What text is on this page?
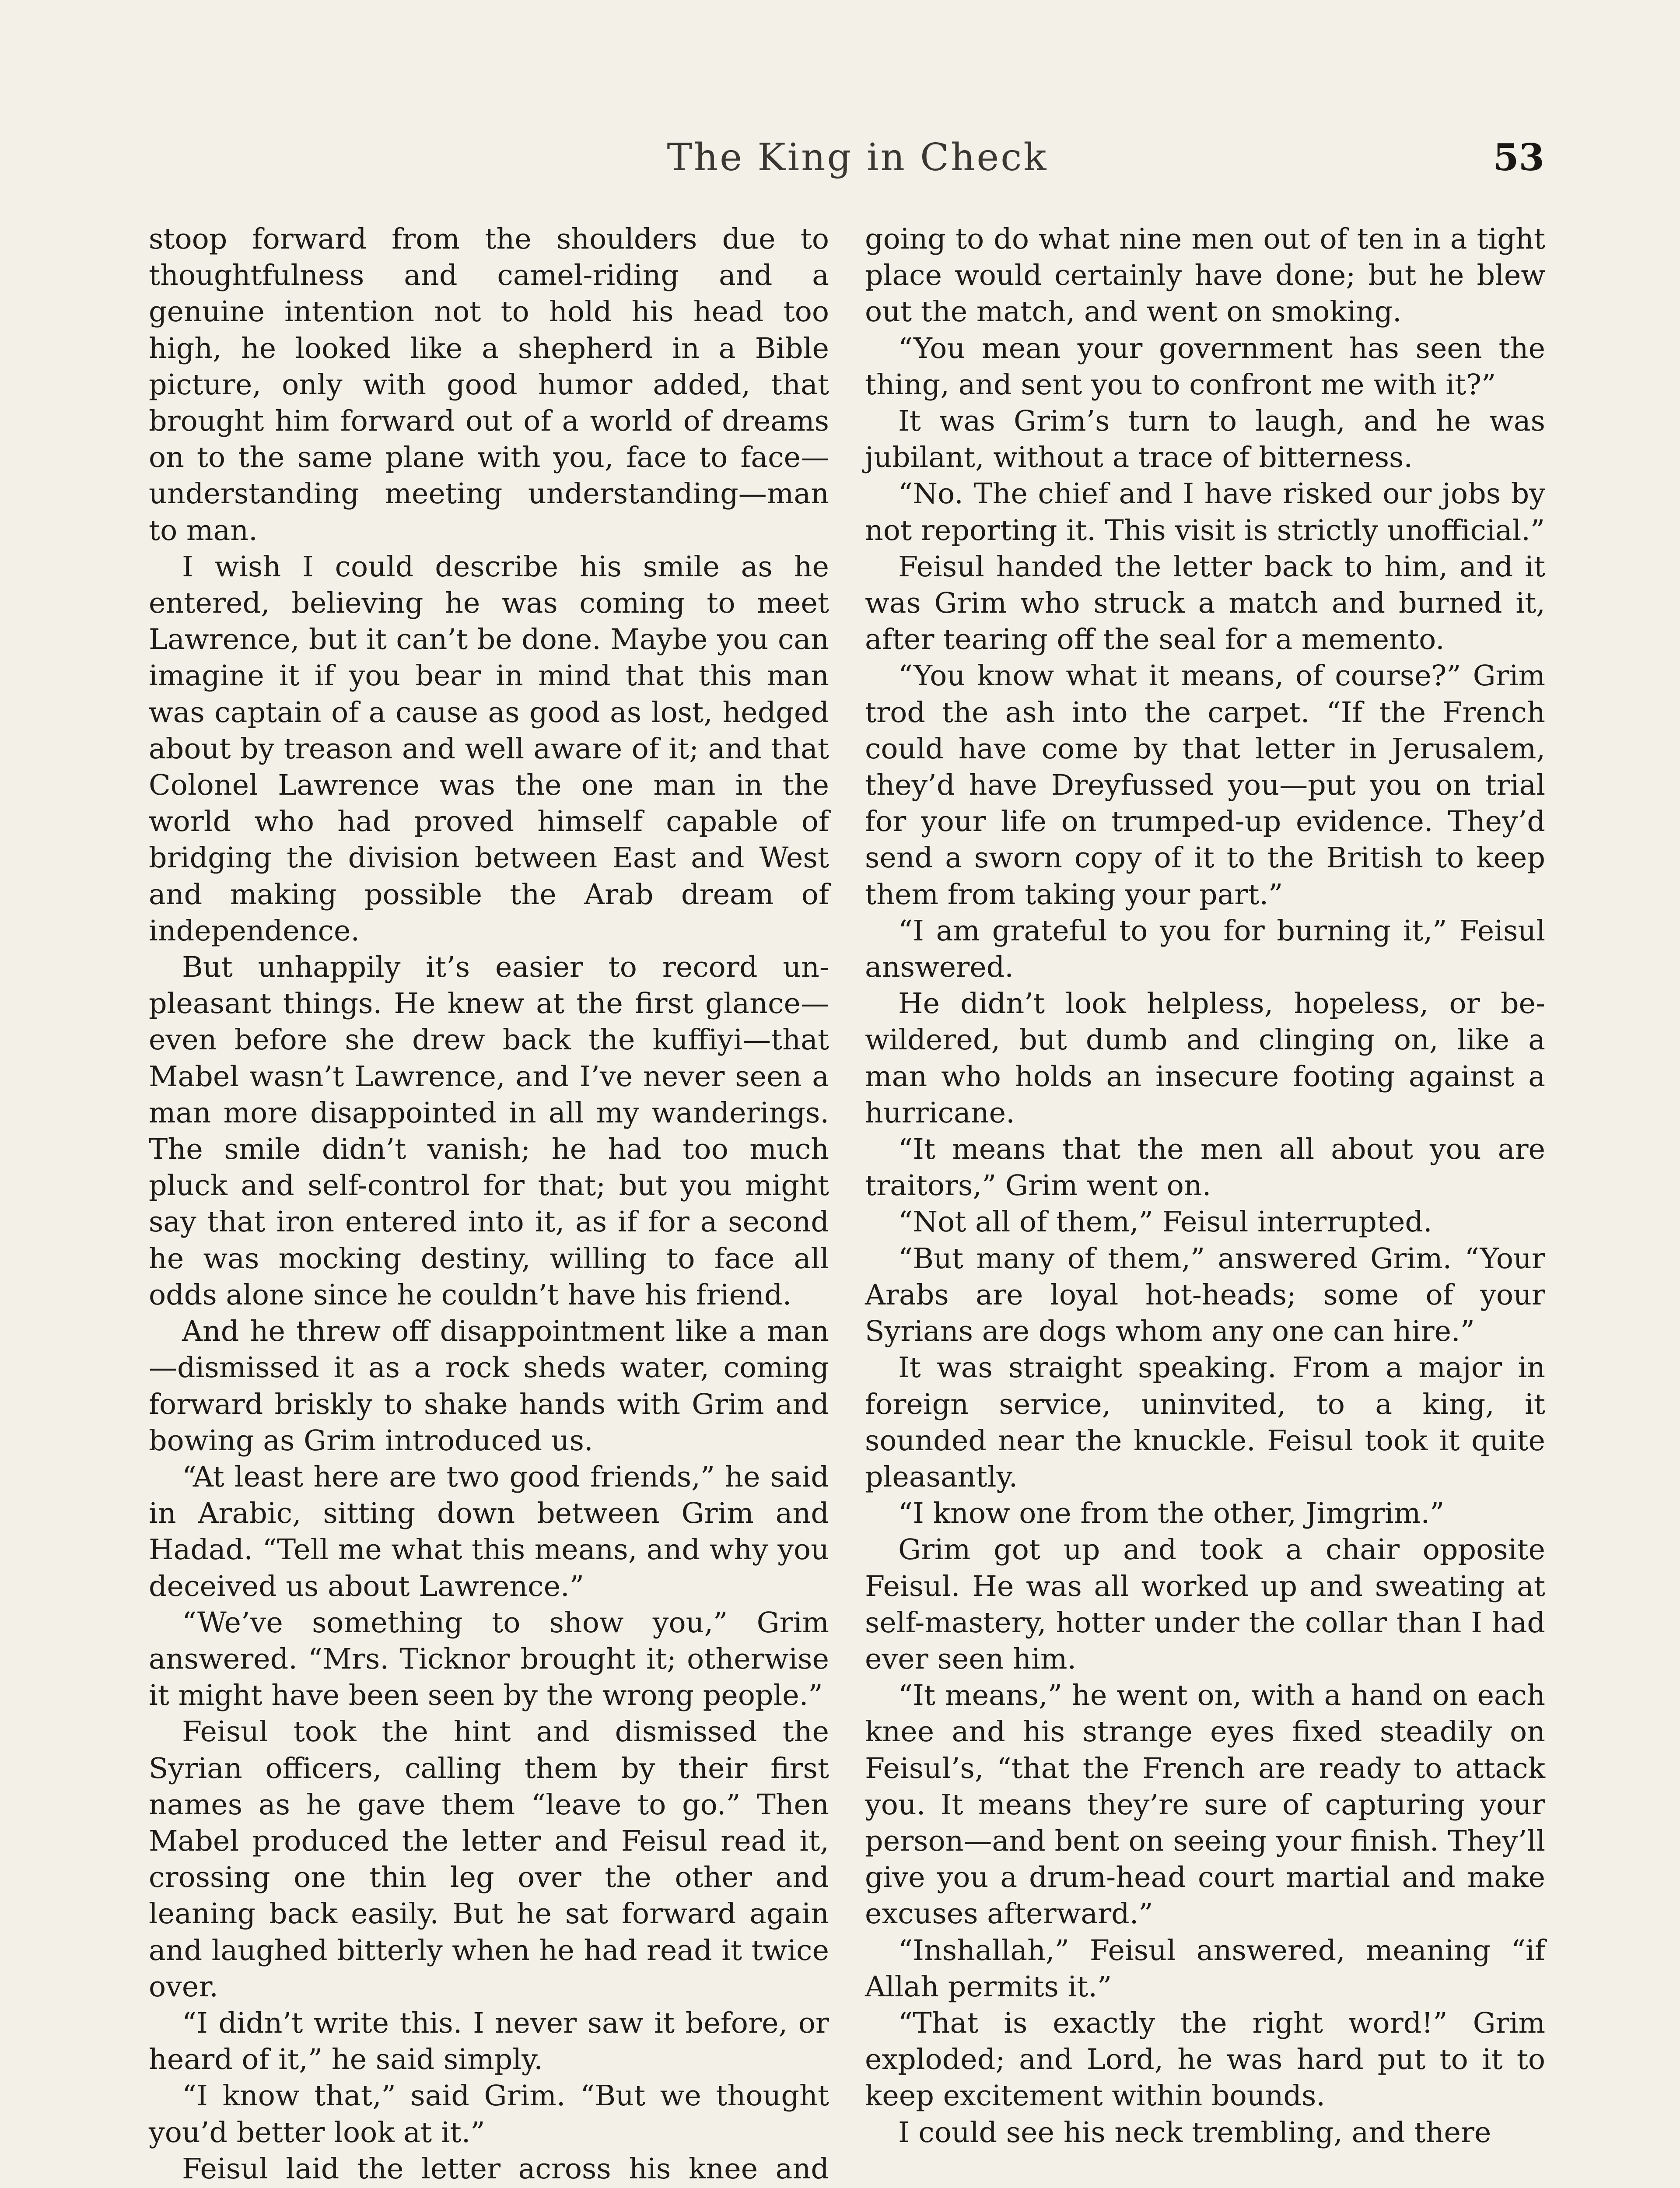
The King in Check	53

stoop forward from the shoulders due to thoughtfulness and camel-riding and a genuine intention not to hold his head too high, he looked like a shepherd in a Bible picture, only with good humor added, that brought him forward out of a world of dreams on to the same plane with you, face to face—understanding meeting understanding—man to man.

I wish I could describe his smile as he entered, believing he was coming to meet Lawrence, but it can’t be done. Maybe you can imagine it if you bear in mind that this man was captain of a cause as good as lost, hedged about by treason and well aware of it; and that Colonel Lawrence was the one man in the world who had proved himself capable of bridging the division between East and West and making possible the Arab dream of independence.

But unhappily it’s easier to record unpleasant things. He knew at the first glance—even before she drew back the kuffiyi—that Mabel wasn’t Lawrence, and I’ve never seen a man more disappointed in all my wanderings. The smile didn’t vanish; he had too much pluck and self-control for that; but you might say that iron entered into it, as if for a second he was mocking destiny, willing to face all odds alone since he couldn’t have his friend.

And he threw off disappointment like a man—dismissed it as a rock sheds water, coming forward briskly to shake hands with Grim and bowing as Grim introduced us.

“At least here are two good friends,” he said in Arabic, sitting down between Grim and Hadad. “Tell me what this means, and why you deceived us about Lawrence.”

“We’ve something to show you,” Grim answered. “Mrs. Ticknor brought it; otherwise it might have been seen by the wrong people.”

Feisul took the hint and dismissed the Syrian officers, calling them by their first names as he gave them “leave to go.” Then Mabel produced the letter and Feisul read it, crossing one thin leg over the other and leaning back easily. But he sat forward again and laughed bitterly when he had read it twice over.

“I didn’t write this. I never saw it before, or heard of it,” he said simply.

“I know that,” said Grim. “But we thought you’d better look at it.”

Feisul laid the letter across his knee and

going to do what nine men out of ten in a tight place would certainly have done; but he blew out the match, and went on smoking.

“You mean your government has seen the thing, and sent you to confront me with it?”

It was Grim’s turn to laugh, and he was jubilant, without a trace of bitterness.

“No. The chief and I have risked our jobs by not reporting it. This visit is strictly unofficial.”

Feisul handed the letter back to him, and it was Grim who struck a match and burned it, after tearing off the seal for a memento.

“You know what it means, of course?” Grim trod the ash into the carpet. “If the French could have come by that letter in Jerusalem, they’d have Dreyfussed you—put you on trial for your life on trumped-up evidence. They’d send a sworn copy of it to the British to keep them from taking your part.”

“I am grateful to you for burning it,” Feisul answered.

He didn’t look helpless, hopeless, or bewildered, but dumb and clinging on, like a man who holds an insecure footing against a hurricane.

“It means that the men all about you are traitors,” Grim went on.

“Not all of them,” Feisul interrupted.

“But many of them,” answered Grim. “Your Arabs are loyal hot-heads; some of your Syrians are dogs whom any one can hire.”

It was straight speaking. From a major in foreign service, uninvited, to a king, it sounded near the knuckle. Feisul took it quite pleasantly.

“I know one from the other, Jimgrim.”

Grim got up and took a chair opposite Feisul. He was all worked up and sweating at self-mastery, hotter under the collar than I had ever seen him.

“It means,” he went on, with a hand on each knee and his strange eyes fixed steadily on Feisul’s, “that the French are ready to attack you. It means they’re sure of capturing your person—and bent on seeing your finish. They’ll give you a drum-head court martial and make excuses afterward.”

“Inshallah,” Feisul answered, meaning “if Allah permits it.”

“That is exactly the right word!” Grim exploded; and Lord, he was hard put to it to keep excitement within bounds.

I could see his neck trembling, and there
